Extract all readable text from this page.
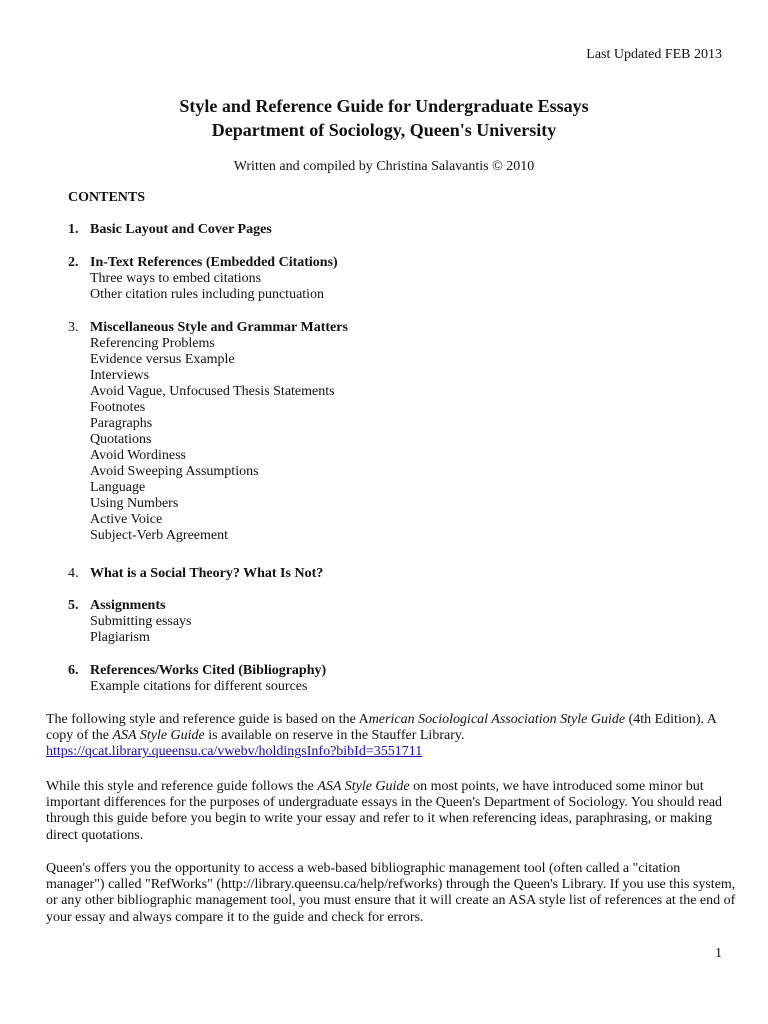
Last Updated FEB 2013
Style and Reference Guide for Undergraduate Essays
Department of Sociology, Queen's University
Written and compiled by Christina Salavantis © 2010
CONTENTS
1. Basic Layout and Cover Pages
2. In-Text References (Embedded Citations)
Three ways to embed citations
Other citation rules including punctuation
3. Miscellaneous Style and Grammar Matters
Referencing Problems
Evidence versus Example
Interviews
Avoid Vague, Unfocused Thesis Statements
Footnotes
Paragraphs
Quotations
Avoid Wordiness
Avoid Sweeping Assumptions
Language
Using Numbers
Active Voice
Subject-Verb Agreement
4. What is a Social Theory? What Is Not?
5. Assignments
Submitting essays
Plagiarism
6. References/Works Cited (Bibliography)
Example citations for different sources
The following style and reference guide is based on the American Sociological Association Style Guide (4th Edition). A copy of the ASA Style Guide is available on reserve in the Stauffer Library.
https://qcat.library.queensu.ca/vwebv/holdingsInfo?bibId=3551711
While this style and reference guide follows the ASA Style Guide on most points, we have introduced some minor but important differences for the purposes of undergraduate essays in the Queen's Department of Sociology. You should read through this guide before you begin to write your essay and refer to it when referencing ideas, paraphrasing, or making direct quotations.
Queen's offers you the opportunity to access a web-based bibliographic management tool (often called a "citation manager") called "RefWorks" (http://library.queensu.ca/help/refworks) through the Queen's Library. If you use this system, or any other bibliographic management tool, you must ensure that it will create an ASA style list of references at the end of your essay and always compare it to the guide and check for errors.
1
